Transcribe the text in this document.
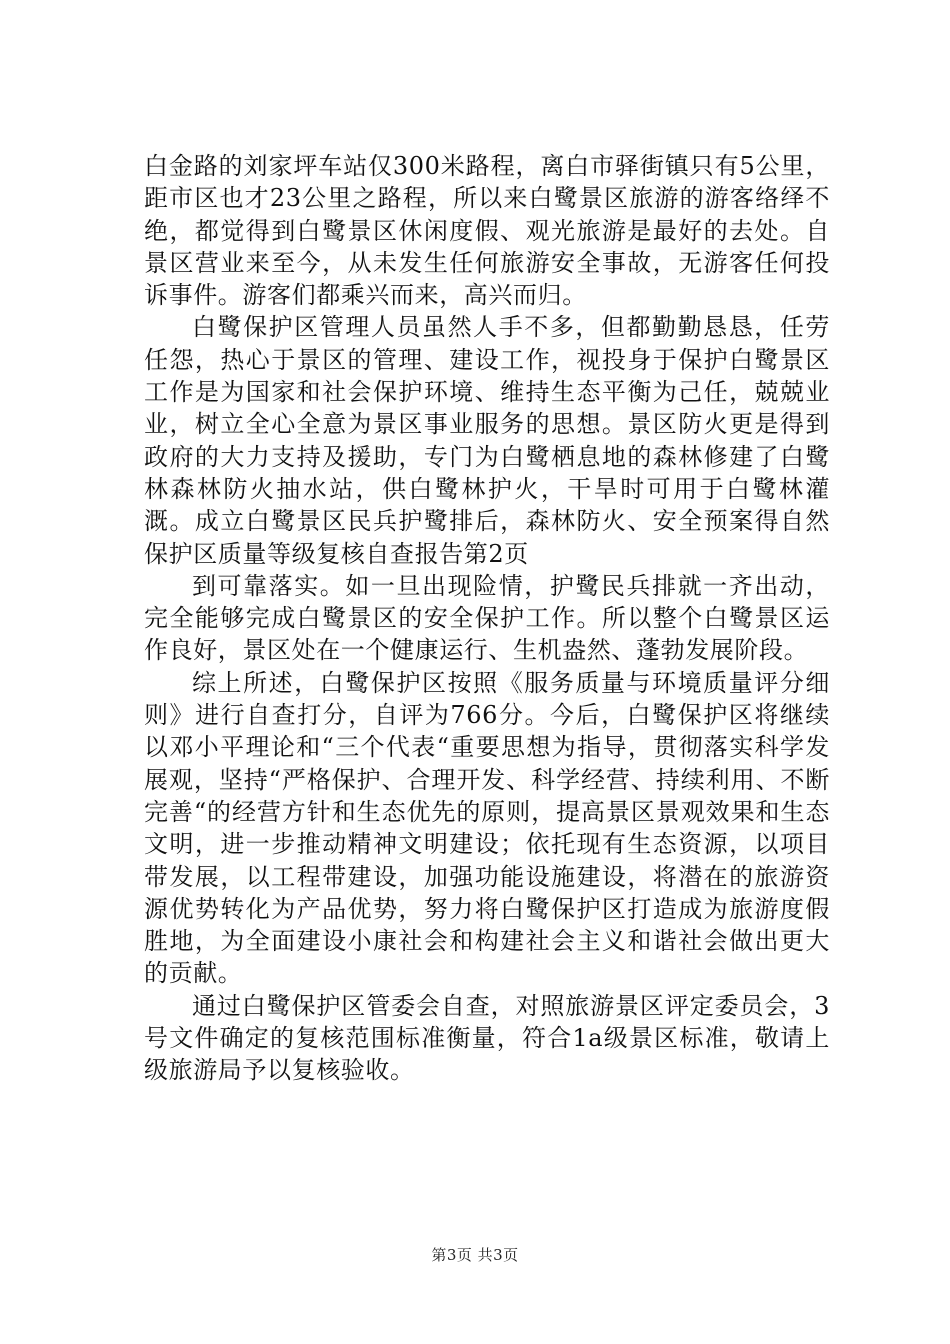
白金路的刘家坪车站仅300米路程，离白市驿街镇只有5公里，距市区也才23公里之路程，所以来白鹭景区旅游的游客络绎不绝，都觉得到白鹭景区休闲度假、观光旅游是最好的去处。自景区营业来至今，从未发生任何旅游安全事故，无游客任何投诉事件。游客们都乘兴而来，高兴而归。

白鹭保护区管理人员虽然人手不多，但都勤勤恳恳，任劳任怨，热心于景区的管理、建设工作，视投身于保护白鹭景区工作是为国家和社会保护环境、维持生态平衡为己任，兢兢业业，树立全心全意为景区事业服务的思想。景区防火更是得到政府的大力支持及援助，专门为白鹭栖息地的森林修建了白鹭林森林防火抽水站，供白鹭林护火，干旱时可用于白鹭林灌溉。成立白鹭景区民兵护鹭排后，森林防火、安全预案得自然保护区质量等级复核自查报告第2页

到可靠落实。如一旦出现险情，护鹭民兵排就一齐出动，完全能够完成白鹭景区的安全保护工作。所以整个白鹭景区运作良好，景区处在一个健康运行、生机盎然、蓬勃发展阶段。

综上所述，白鹭保护区按照《服务质量与环境质量评分细则》进行自查打分，自评为766分。今后，白鹭保护区将继续以邓小平理论和“三个代表“重要思想为指导，贯彻落实科学发展观，坚持“严格保护、合理开发、科学经营、持续利用、不断完善“的经营方针和生态优先的原则，提高景区景观效果和生态文明，进一步推动精神文明建设；依托现有生态资源，以项目带发展，以工程带建设，加强功能设施建设，将潜在的旅游资源优势转化为产品优势，努力将白鹭保护区打造成为旅游度假胜地，为全面建设小康社会和构建社会主义和谐社会做出更大的贡献。

通过白鹭保护区管委会自查，对照旅游景区评定委员会，3号文件确定的复核范围标准衡量，符合1a级景区标准，敬请上级旅游局予以复核验收。

第3页 共3页
